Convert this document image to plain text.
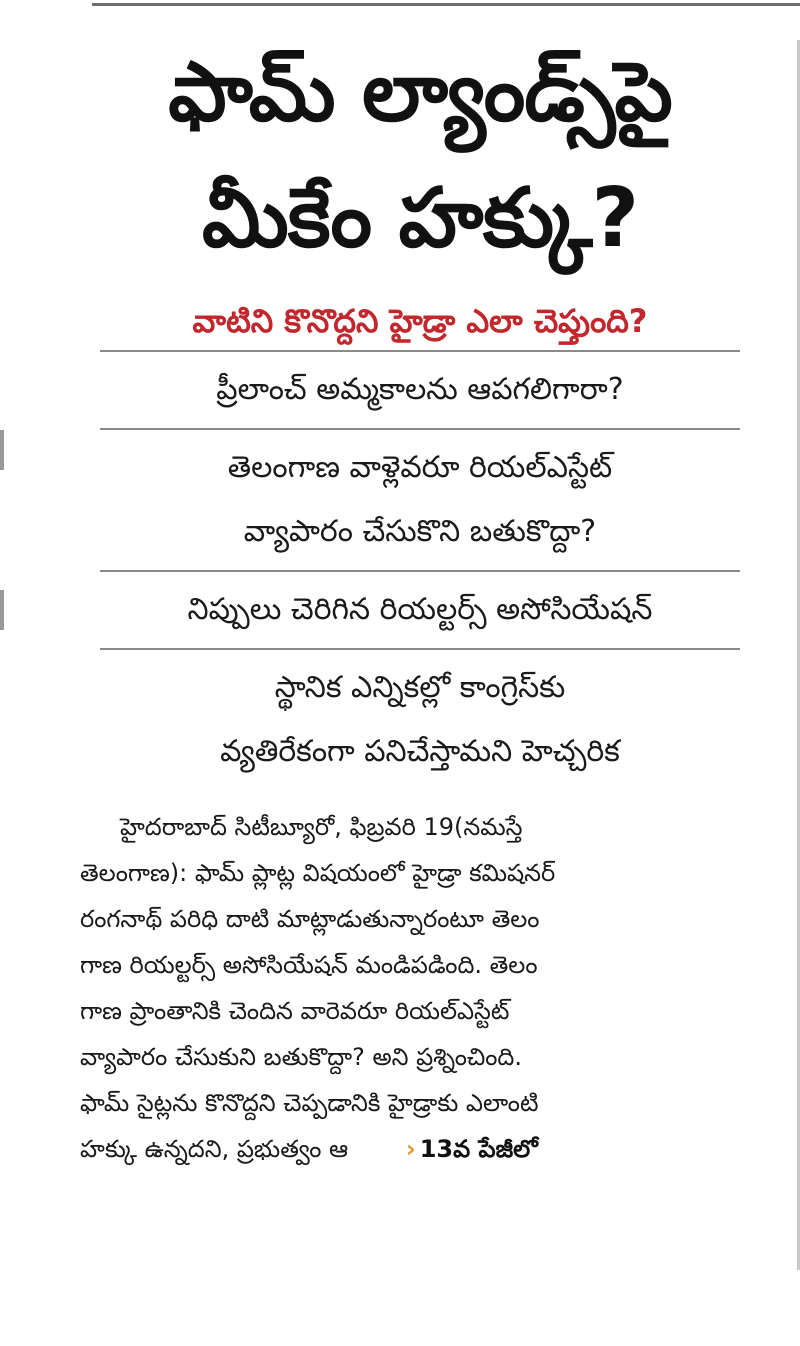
ఫామ్ ల్యాండ్స్‌పై
మీకేం హక్కు?

వాటిని కొనొద్దని హైడ్రా ఎలా చెప్తుంది?

ప్రీలాంచ్ అమ్మకాలను ఆపగలిగారా?

తెలంగాణ వాళ్లెవరూ రియల్‌ఎస్టేట్

వ్యాపారం చేసుకొని బతుకొద్దా?

నిప్పులు చెరిగిన రియల్టర్స్ అసోసియేషన్

స్థానిక ఎన్నికల్లో కాంగ్రెస్‌కు

వ్యతిరేకంగా పనిచేస్తామని హెచ్చరిక

హైదరాబాద్ సిటీబ్యూరో, ఫిబ్రవరి 19(నమస్తే
తెలంగాణ): ఫామ్ ప్లాట్ల విషయంలో హైడ్రా కమిషనర్
రంగనాథ్ పరిధి దాటి మాట్లాడుతున్నారంటూ తెలం
గాణ రియల్టర్స్ అసోసియేషన్ మండిపడింది. తెలం
గాణ ప్రాంతానికి చెందిన వారెవరూ రియల్‌ఎస్టేట్
వ్యాపారం చేసుకుని బతుకొద్దా? అని ప్రశ్నించింది.
ఫామ్ సైట్లను కొనొద్దని చెప్పడానికి హైడ్రాకు ఎలాంటి
హక్కు ఉన్నదని, ప్రభుత్వం ఆ › 13వ పేజీలో
